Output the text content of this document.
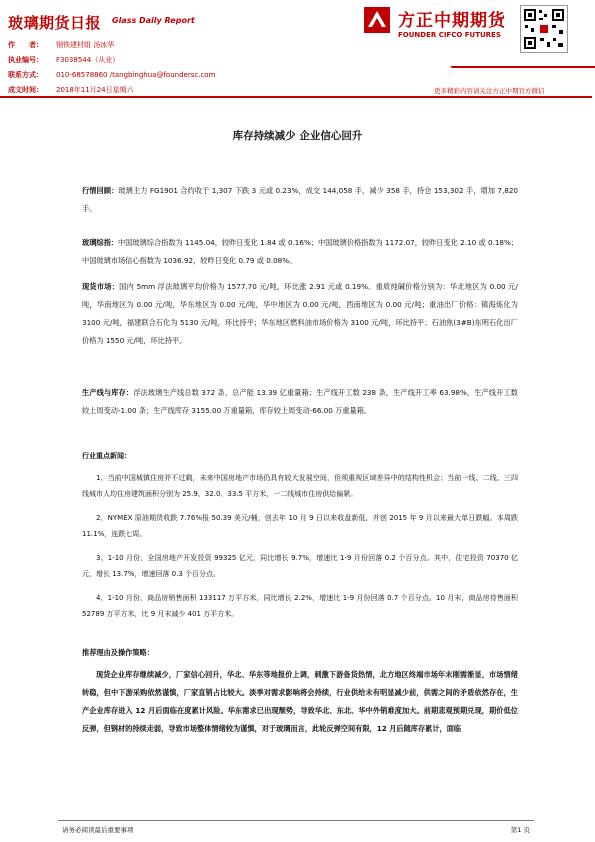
玻璃期货日报 Glass Daily Report
作　　者： 钢铁建材组 汤冰华
执业编号： F3038544（从业）
联系方式： 010-68578860 /tangbinghua@foundersc.com
成文时间： 2018年11月24日星期六
方正中期期货
FOUNDER CIFCO FUTURES
更多精彩内容请关注方正中期官方微信
库存持续减少 企业信心回升
行情回顾：玻璃主力 FG1901 合约收于 1,307 下跌 3 元或 0.23%，成交 144,058 手，减少 358 手，持仓 153,302 手，增加 7,820 手。
玻璃综指：中国玻璃综合指数为 1145.04，较昨日变化 1.84 或 0.16%；中国玻璃价格指数为 1172.07，较昨日变化 2.10 或 0.18%；中国玻璃市场信心指数为 1036.92，较昨日变化 0.79 或 0.08%。
现货市场：国内 5mm 浮法玻璃平均价格为 1577.70 元/吨，环比涨 2.91 元或 0.19%。重质纯碱价格分别为：华北地区为 0.00 元/吨，华南地区为 0.00 元/吨，华东地区为 0.00 元/吨，华中地区为 0.00 元/吨，西南地区为 0.00 元/吨；重油出厂价格：镇海炼化为 3100 元/吨，福建联合石化为 5130 元/吨，环比持平；华东地区燃料油市场价格为 3100 元/吨，环比持平；石油焦(3#B)东明石化出厂价格为 1550 元/吨，环比持平。
生产线与库存：浮法玻璃生产线总数 372 条，总产能 13.39 亿重量箱；生产线开工数 238 条，生产线开工率 63.98%，生产线开工数较上周变动-1.00 条；生产线库存 3155.00 万重量箱，库存较上周变动-66.00 万重量箱。

行业重点新闻：

1、当前中国城镇住房并不过剩，未来中国房地产市场仍具有较大发展空间，但须重视区域差异中的结构性机会；当前一线、二线、三四线城市人均住房建筑面积分别为 25.9、32.0、33.5 平方米，一二线城市住房供给偏紧。

2、NYMEX 原油期货收跌 7.76%报 50.39 美元/桶，创去年 10 月 9 日以来收盘新低，并创 2015 年 9 月以来最大单日跌幅。本周跌 11.1%，连跌七周。

3、1-10 月份，全国房地产开发投资 99325 亿元，同比增长 9.7%，增速比 1-9 月份回落 0.2 个百分点。其中，住宅投资 70370 亿元，增长 13.7%，增速回落 0.3 个百分点。

4、1-10 月份，商品房销售面积 133117 万平方米，同比增长 2.2%，增速比 1-9 月份回落 0.7 个百分点。10 月末，商品房待售面积 52789 万平方米，比 9 月末减少 401 万平方米。

推荐理由及操作策略：
现货企业库存继续减少，厂家信心回升，华北、华东等地报价上调，刺激下游备货热情，北方地区终端市场年末刚需渐显，市场情绪转稳，但中下游采购依然谨慎，厂家直销占比较大。淡季对需求影响将会持续，行业供给未有明显减少前，供需之间的矛盾依然存在，生产企业库存进入 12 月后面临在度累计风险。华东需求已出现颓势，导致华北、东北、华中外销难度加大。前期悲观预期兑现，期价低位反弹，但钢材的持续走弱，导致市场整体情绪较为谨慎，对于玻璃而言，此轮反弹空间有限，12 月后随库存累计，面临
请务必阅读最后重要事项	第1 页
